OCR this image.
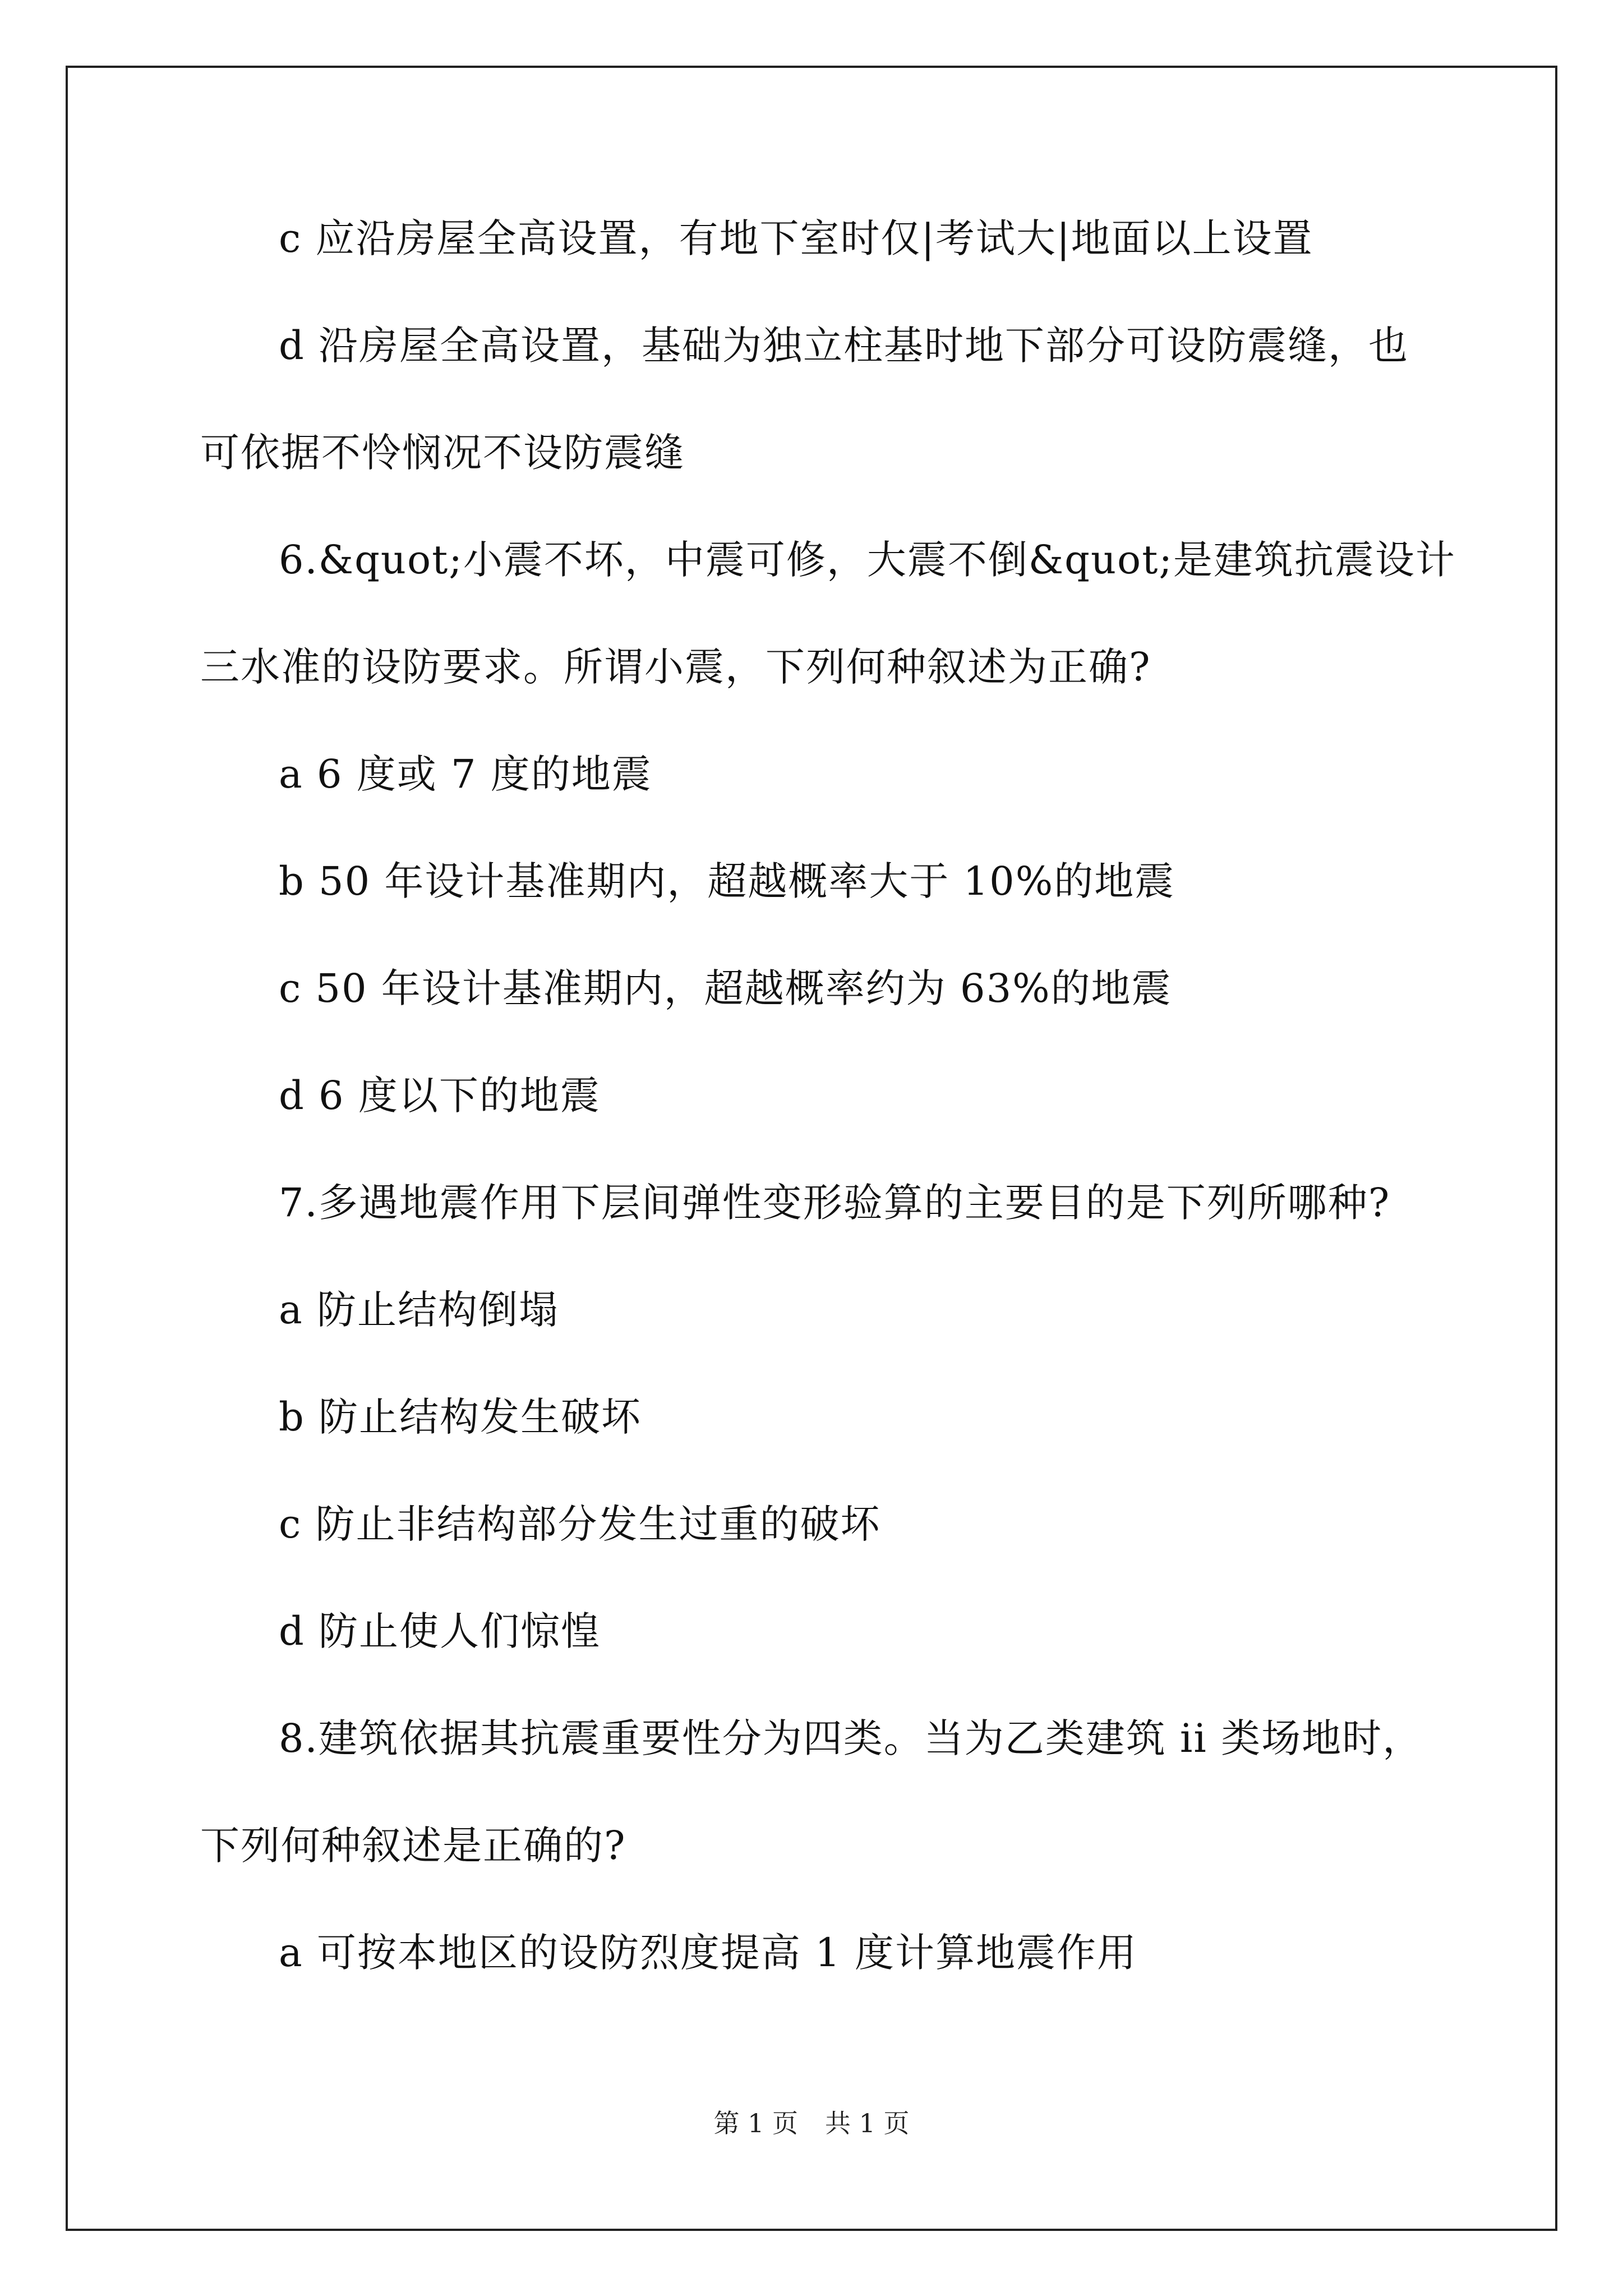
c 应沿房屋全高设置，有地下室时仅|考试大|地面以上设置
d 沿房屋全高设置，基础为独立柱基时地下部分可设防震缝，也
可依据不怜悯况不设防震缝
6.&quot;小震不坏，中震可修，大震不倒&quot;是建筑抗震设计
三水准的设防要求。所谓小震，下列何种叙述为正确?
a 6 度或 7 度的地震
b 50 年设计基准期内，超越概率大于 10%的地震
c 50 年设计基准期内，超越概率约为 63%的地震
d 6 度以下的地震
7.多遇地震作用下层间弹性变形验算的主要目的是下列所哪种?
a 防止结构倒塌
b 防止结构发生破坏
c 防止非结构部分发生过重的破坏
d 防止使人们惊惶
8.建筑依据其抗震重要性分为四类。当为乙类建筑 ii 类场地时，
下列何种叙述是正确的?
a 可按本地区的设防烈度提高 1 度计算地震作用
第 1 页 共 1 页
